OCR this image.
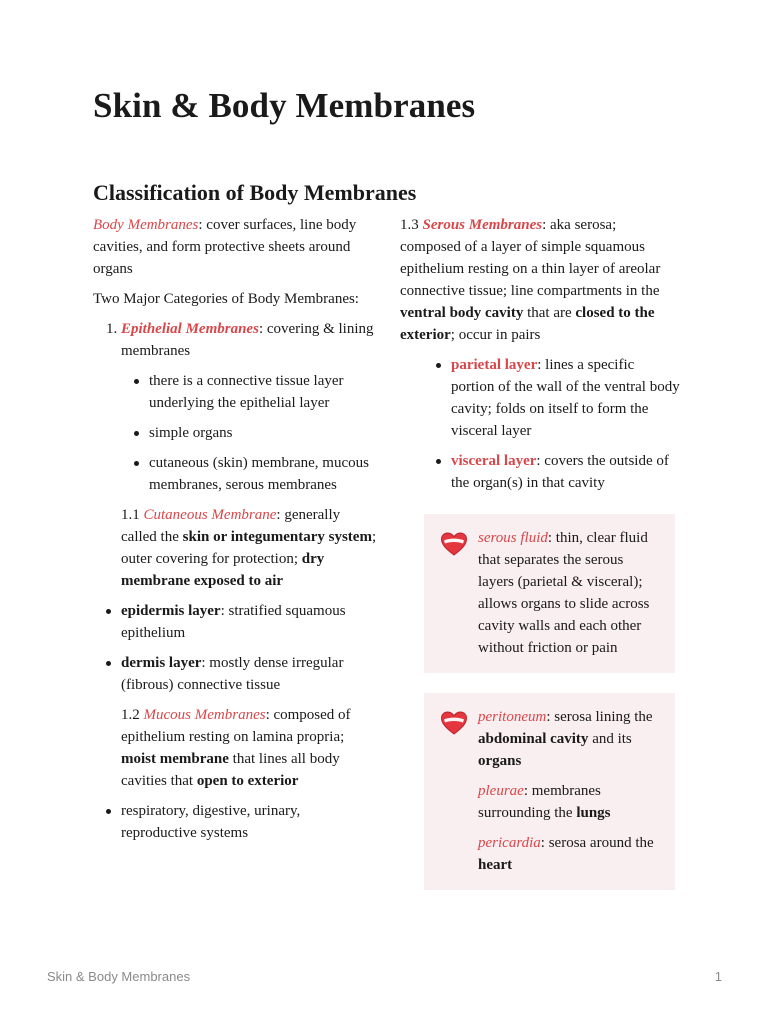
Skin & Body Membranes
Classification of Body Membranes

Body Membranes: cover surfaces, line body cavities, and form protective sheets around organs

Two Major Categories of Body Membranes:

1. Epithelial Membranes: covering & lining membranes
there is a connective tissue layer underlying the epithelial layer
simple organs
cutaneous (skin) membrane, mucous membranes, serous membranes

1.1 Cutaneous Membrane: generally called the skin or integumentary system; outer covering for protection; dry membrane exposed to air

epidermis layer: stratified squamous epithelium
dermis layer: mostly dense irregular (fibrous) connective tissue

1.2 Mucous Membranes: composed of epithelium resting on lamina propria; moist membrane that lines all body cavities that open to exterior

respiratory, digestive, urinary, reproductive systems

1.3 Serous Membranes: aka serosa; composed of a layer of simple squamous epithelium resting on a thin layer of areolar connective tissue; line compartments in the ventral body cavity that are closed to the exterior; occur in pairs

parietal layer: lines a specific portion of the wall of the ventral body cavity; folds on itself to form the visceral layer
visceral layer: covers the outside of the organ(s) in that cavity

serous fluid: thin, clear fluid that separates the serous layers (parietal & visceral); allows organs to slide across cavity walls and each other without friction or pain

peritoneum: serosa lining the abdominal cavity and its organs

pleurae: membranes surrounding the lungs

pericardia: serosa around the heart

Skin & Body Membranes	1
